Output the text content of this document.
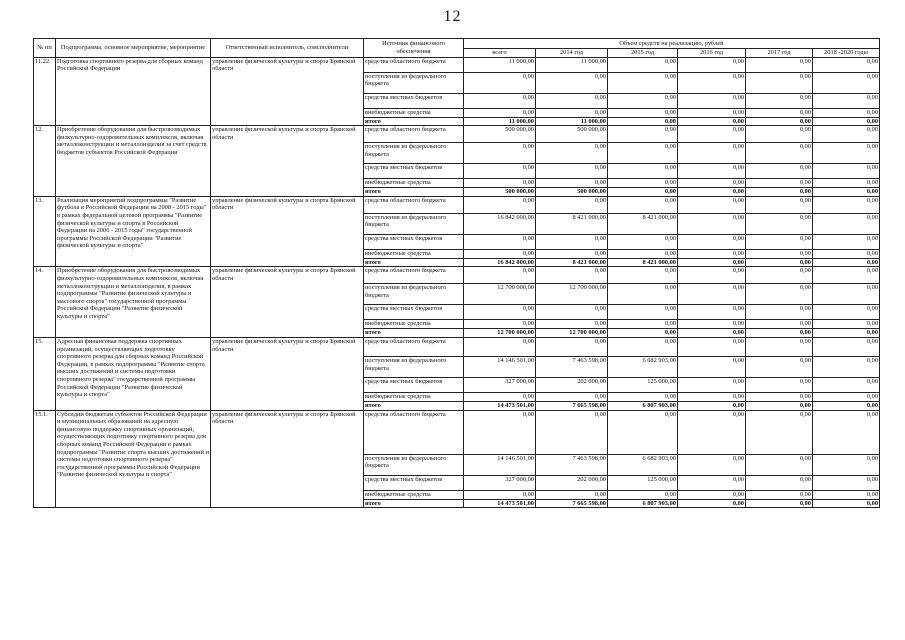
12
№ пп	Подпрограмма, основное мероприятие, мероприятие	Ответственный исполнитель, соисполнители	Источник финансового обеспечения	Объем средств на реализацию, рублей					
				всего	2014 год	2015 год	2016 год	2017 год	2018 -2020 годы
11.22.	Подготовка спортивного резерва для сборных команд Российской Федерации	управление физической культуры и спорта Брянской области	средства областного бюджета	11 000,00	11 000,00	0,00	0,00	0,00	0,00
			поступления из федерального бюджета	0,00	0,00	0,00	0,00	0,00	0,00
			средства местных бюджетов	0,00	0,00	0,00	0,00	0,00	0,00
			внебюджетные средства	0,00	0,00	0,00	0,00	0,00	0,00
			итого	11 000,00	11 000,00	0,00	0,00	0,00	0,00
12.	Приобретение оборудования для быстровозводимых физкультурно-оздоровительных комплексов, включая металлоконструкции и металлоизделия за счет средств бюджетов субъектов Российской Федерации	управление физической культуры и спорта Брянской области	средства областного бюджета	500 000,00	500 000,00	0,00	0,00	0,00	0,00
			поступления из федерального бюджета	0,00	0,00	0,00	0,00	0,00	0,00
			средства местных бюджетов	0,00	0,00	0,00	0,00	0,00	0,00
			внебюджетные средства	0,00	0,00	0,00	0,00	0,00	0,00
			итого	500 000,00	500 000,00	0,00	0,00	0,00	0,00
13.	Реализация мероприятий подпрограммы "Развитие футбола в Российской Федерации на 2008 - 2015 годы" в рамках федеральной целевой программы "Развитие физической культуры и спорта в Российской Федерации на 2006 - 2015 годы" государственной программы Российской Федерации "Развитие физической культуры и спорта"	управление физической культуры и спорта Брянской области	средства областного бюджета	0,00	0,00	0,00	0,00	0,00	0,00
			поступления из федерального бюджета	16 842 000,00	8 421 000,00	8 421 000,00	0,00	0,00	0,00
			средства местных бюджетов	0,00	0,00	0,00	0,00	0,00	0,00
			внебюджетные средства	0,00	0,00	0,00	0,00	0,00	0,00
			итого	16 842 000,00	8 421 000,00	8 421 000,00	0,00	0,00	0,00
14.	Приобретение оборудования для быстровозводимых физкультурно-оздоровительных комплексов, включая металлоконструкции и металлоизделия, в рамках подпрограммы "Развитие физической культуры и массового спорта" государственной программы Российской Федерации "Развитие физической культуры и спорта"	управление физической культуры и спорта Брянской области	средства областного бюджета	0,00	0,00	0,00	0,00	0,00	0,00
			поступления из федерального бюджета	12 700 000,00	12 700 000,00	0,00	0,00	0,00	0,00
			средства местных бюджетов	0,00	0,00	0,00	0,00	0,00	0,00
			внебюджетные средства	0,00	0,00	0,00	0,00	0,00	0,00
			итого	12 700 000,00	12 700 000,00	0,00	0,00	0,00	0,00
15.	Адресная финансовая поддержка спортивных организаций, осуществляющих подготовку спортивного резерва для сборных команд Российской Федерации, в рамках подпрограммы "Развитие спорта высших достижений и системы подготовки спортивного резерва" государственной программы Российской Федерации "Развитие физической культуры и спорта"	управление физической культуры и спорта Брянской области	средства областного бюджета	0,00	0,00	0,00	0,00	0,00	0,00
			поступления из федерального бюджета	14 146 501,00	7 463 598,00	6 682 903,00	0,00	0,00	0,00
			средства местных бюджетов	327 000,00	202 000,00	125 000,00	0,00	0,00	0,00
			внебюджетные средства	0,00	0,00	0,00	0,00	0,00	0,00
			итого	14 473 501,00	7 665 598,00	6 807 903,00	0,00	0,00	0,00
15.1.	Субсидии бюджетам субъектов Российской Федерации и муниципальных образований на адресную финансовую поддержку спортивных организаций, осуществляющих подготовку спортивного резерва для сборных команд Российской Федерации в рамках подпрограммы "Развитие спорта высших достижений и системы подготовки спортивного резерва" государственной программы Российской Федерации "Развитие физической культуры и спорта"	управление физической культуры и спорта Брянской области	средства областного бюджета	0,00	0,00	0,00	0,00	0,00	0,00
			поступления из федерального бюджета	14 146 501,00	7 463 598,00	6 682 903,00	0,00	0,00	0,00
			средства местных бюджетов	327 000,00	202 000,00	125 000,00	0,00	0,00	0,00
			внебюджетные средства	0,00	0,00	0,00	0,00	0,00	0,00
			итого	14 473 501,00	7 665 598,00	6 807 903,00	0,00	0,00	0,00
